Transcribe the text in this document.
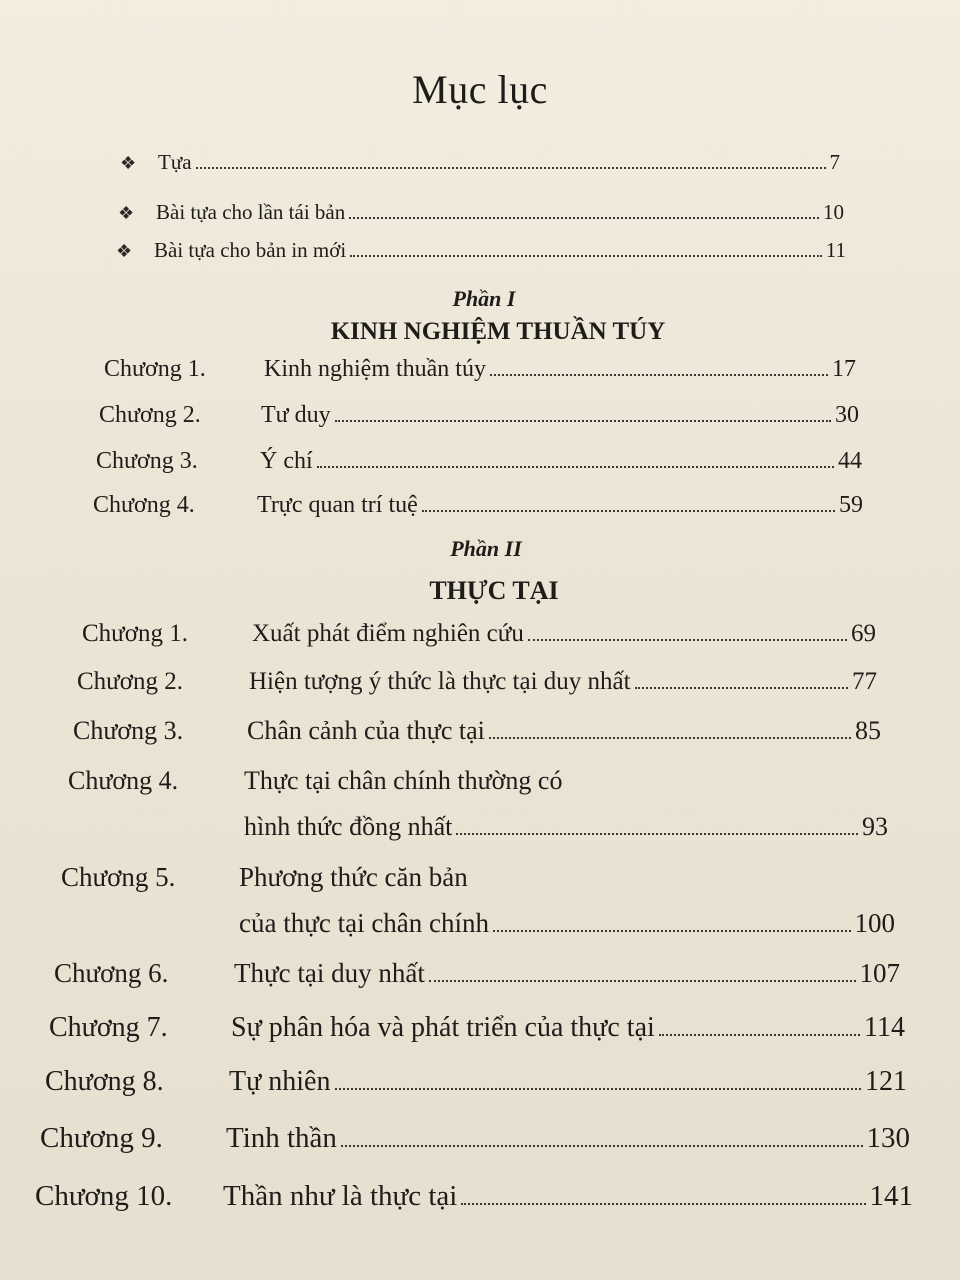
Mục lục
❖	Tựa	7
❖	Bài tựa cho lần tái bản	10
❖	Bài tựa cho bản in mới	11
Phần I
KINH NGHIỆM THUẦN TÚY
Chương 1.	Kinh nghiệm thuần túy	17
Chương 2.	Tư duy	30
Chương 3.	Ý chí	44
Chương 4.	Trực quan trí tuệ	59
Phần II
THỰC TẠI
Chương 1.	Xuất phát điểm nghiên cứu	69
Chương 2.	Hiện tượng ý thức là thực tại duy nhất	77
Chương 3.	Chân cảnh của thực tại	85
Chương 4.	Thực tại chân chính thường có
hình thức đồng nhất	93
Chương 5.	Phương thức căn bản
của thực tại chân chính	100
Chương 6.	Thực tại duy nhất	107
Chương 7.	Sự phân hóa và phát triển của thực tại	114
Chương 8.	Tự nhiên	121
Chương 9.	Tinh thần	130
Chương 10.	Thần như là thực tại	141
